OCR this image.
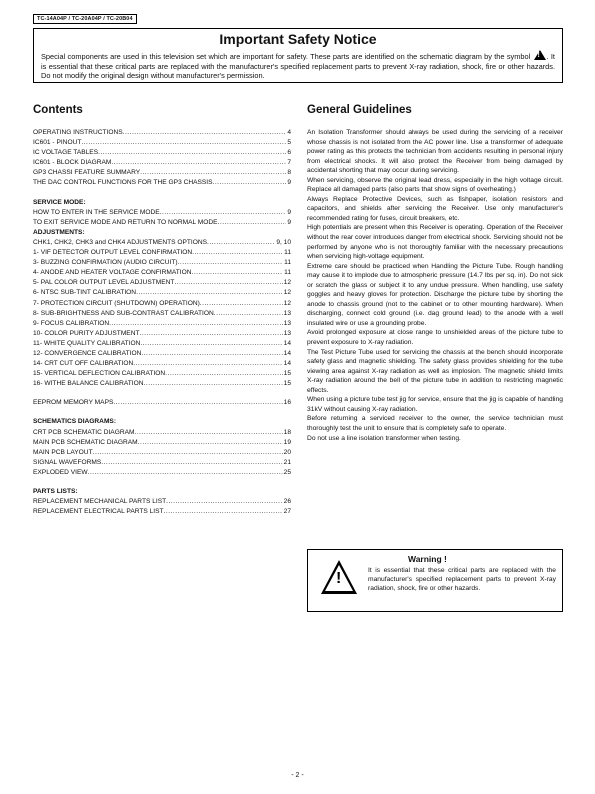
TC-14A04P / TC-20A04P / TC-20B04
Important Safety Notice

Special components are used in this television set which are important for safety. These parts are identified on the schematic diagram by the symbol ! . It is essential that these critical parts are replaced with the manufacturer's specified replacement parts to prevent X-ray radiation, shock, fire or other hazards. Do not modify the original design without manufacturer's permission.

Contents
OPERATING INSTRUCTIONS .....	4
IC601 - PINOUT .....	5
IC VOLTAGE TABLES .....	6
IC601 - BLOCK DIAGRAM .....	7
GP3 CHASSI FEATURE SUMMARY .....	8
THE DAC CONTROL FUNCTIONS FOR THE GP3 CHASSIS .....	9
SERVICE MODE:
HOW TO ENTER IN THE SERVICE MODE .....	9
TO EXIT SERVICE MODE AND RETURN TO NORMAL MODE .....	9
ADJUSTMENTS:
CHK1, CHK2, CHK3 and CHK4 ADJUSTMENTS OPTIONS .....	9, 10
1- VIF DETECTOR OUTPUT LEVEL CONFIRMATION .....	11
3- BUZZING CONFIRMATION (AUDIO CIRCUIT) .....	11
4- ANODE AND HEATER VOLTAGE CONFIRMATION .....	11
5- PAL COLOR OUTPUT LEVEL ADJUSTMENT .....	12
6- NTSC SUB-TINT CALIBRATION .....	12
7- PROTECTION CIRCUIT (SHUTDOWN) OPERATION) .....	12
8- SUB-BRIGHTNESS AND SUB-CONTRAST CALIBRATION .....	13
9- FOCUS CALIBRATION .....	13
10- COLOR PURITY ADJUSTMENT .....	13
11- WHITE QUALITY CALIBRATION .....	14
12- CONVERGENCE CALIBRATION .....	14
14- CRT CUT OFF CALIBRATION .....	14
15- VERTICAL DEFLECTION CALIBRATION .....	15
16- WITHE BALANCE CALIBRATION .....	15
EEPROM MEMORY MAPS .....	16
SCHEMATICS DIAGRAMS:
CRT PCB SCHEMATIC DIAGRAM .....	18
MAIN PCB SCHEMATIC DIAGRAM .....	19
MAIN PCB LAYOUT .....	20
SIGNAL WAVEFORMS .....	21
EXPLODED VIEW .....	25
PARTS LISTS:
REPLACEMENT MECHANICAL PARTS LIST .....	26
REPLACEMENT ELECTRICAL PARTS LIST .....	27
General Guidelines

An Isolation Transformer should always be used during the servicing of a receiver whose chassis is not isolated from the AC power line. Use a transformer of adequate power rating as this protects the technician from accidents resulting in personal injury from electrical shocks. It will also protect the Receiver from being damaged by accidental shorting that may occur during servicing.

When servicing, observe the original lead dress, especially in the high voltage circuit. Replace all damaged parts (also parts that show signs of overheating.)

Always Replace Protective Devices, such as fishpaper, isolation resistors and capacitors, and shields after servicing the Receiver. Use only manufacturer's recommended rating for fuses, circuit breakers, etc.

High potentials are present when this Receiver is operating. Operation of the Receiver without the rear cover introduces danger from electrical shock. Servicing should not be performed by anyone who is not thoroughly familiar with the necessary precautions when servicing high-voltage equipment.

Extreme care should be practiced when Handling the Picture Tube. Rough handling may cause it to implode due to atmospheric pressure (14.7 lbs per sq. in). Do not sick or scratch the glass or subject it to any undue pressure. When handling, use safety goggles and heavy gloves for protection. Discharge the picture tube by shorting the anode to chassis ground (not to the cabinet or to other mounting hardware). When discharging, connect cold ground (i.e. dag ground lead) to the anode with a well insulated wire or use a grounding probe.

Avoid prolonged exposure at close range to unshielded areas of the picture tube to prevent exposure to X-ray radiation.

The Test Picture Tube used for servicing the chassis at the bench should incorporate safety glass and magnetic shielding. The safety glass provides shielding for the tube viewing area against X-ray radiation as well as implosion. The magnetic shield limits X-ray radiation around the bell of the picture tube in addition to restricting magnetic effects.

When using a picture tube test jig for service, ensure that the jig is capable of handling 31kV without causing X-ray radiation.

Before returning a serviced receiver to the owner, the service technician must thoroughly test the unit to ensure that is completely safe to operate.

Do not use a line isolation transformer when testing.

!
Warning !
It is essential that these critical parts are replaced with the manufacturer's specified replacement parts to prevent X-ray radiation, shock, fire or other hazards.
- 2 -
